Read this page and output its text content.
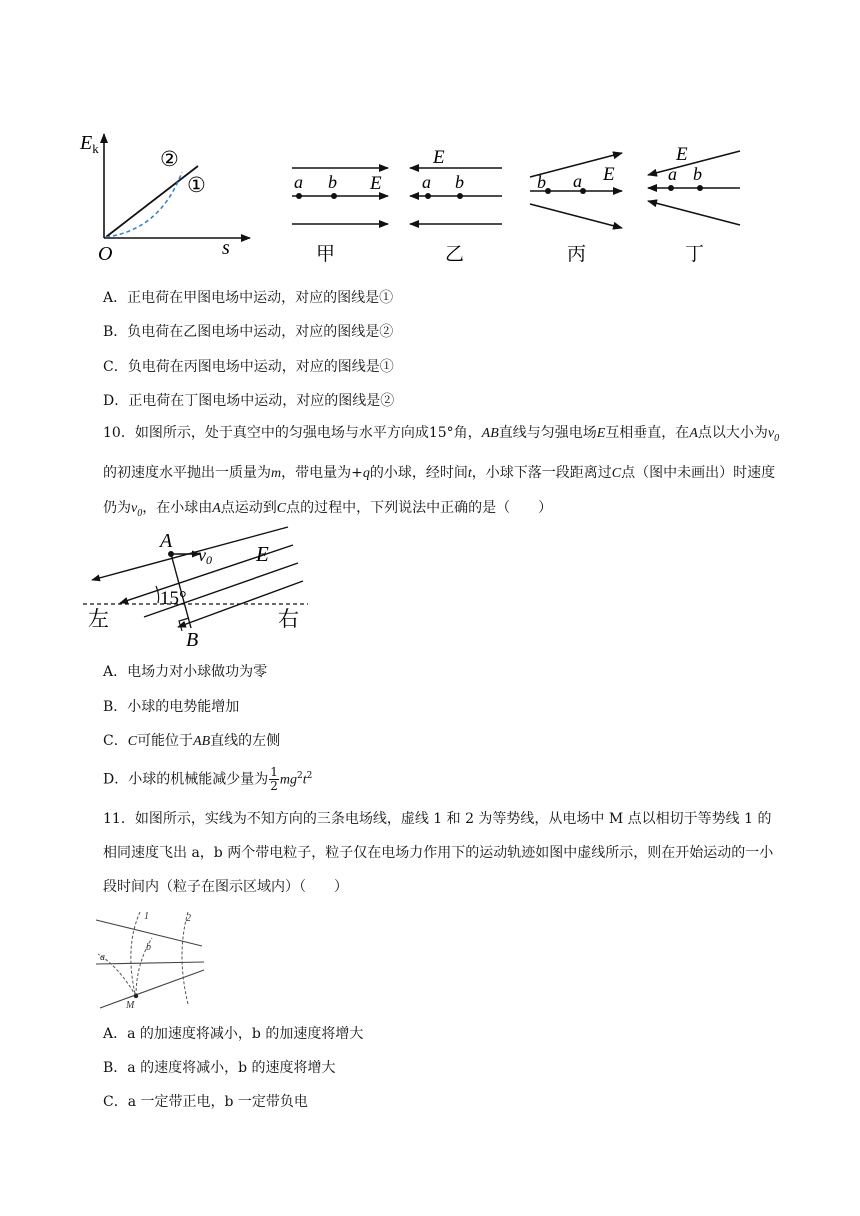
$E_k$
O	s
②
①	a b E
甲
a b
E
乙
b a E
丙
a b
E
丁
A．正电荷在甲图电场中运动，对应的图线是①
B．负电荷在乙图电场中运动，对应的图线是②
C．负电荷在丙图电场中运动，对应的图线是①
D．正电荷在丁图电场中运动，对应的图线是②
10．如图所示，处于真空中的匀强电场与水平方向成15°角，AB直线与匀强电场E互相垂直，在A点以大小为$v_0$的初速度水平抛出一质量为m，带电量为+q的小球，经时间t，小球下落一段距离过C点（图中未画出）时速度仍为$v_0$，在小球由A点运动到C点的过程中，下列说法中正确的是（　　）
A
v0 E
15°
B
左	右
A．电场力对小球做功为零
B．小球的电势能增加
C．C可能位于AB直线的左侧
D．小球的机械能减少量为 $\frac{1}{2} mg^2t^2$
11．如图所示，实线为不知方向的三条电场线，虚线 1 和 2 为等势线，从电场中 M 点以相切于等势线 1 的相同速度飞出 a，b 两个带电粒子，粒子仅在电场力作用下的运动轨迹如图中虚线所示，则在开始运动的一小段时间内（粒子在图示区域内）（　　）
1	2
a
b
M
A．a 的加速度将减小，b 的加速度将增大
B．a 的速度将减小，b 的速度将增大
C．a 一定带正电，b 一定带负电
